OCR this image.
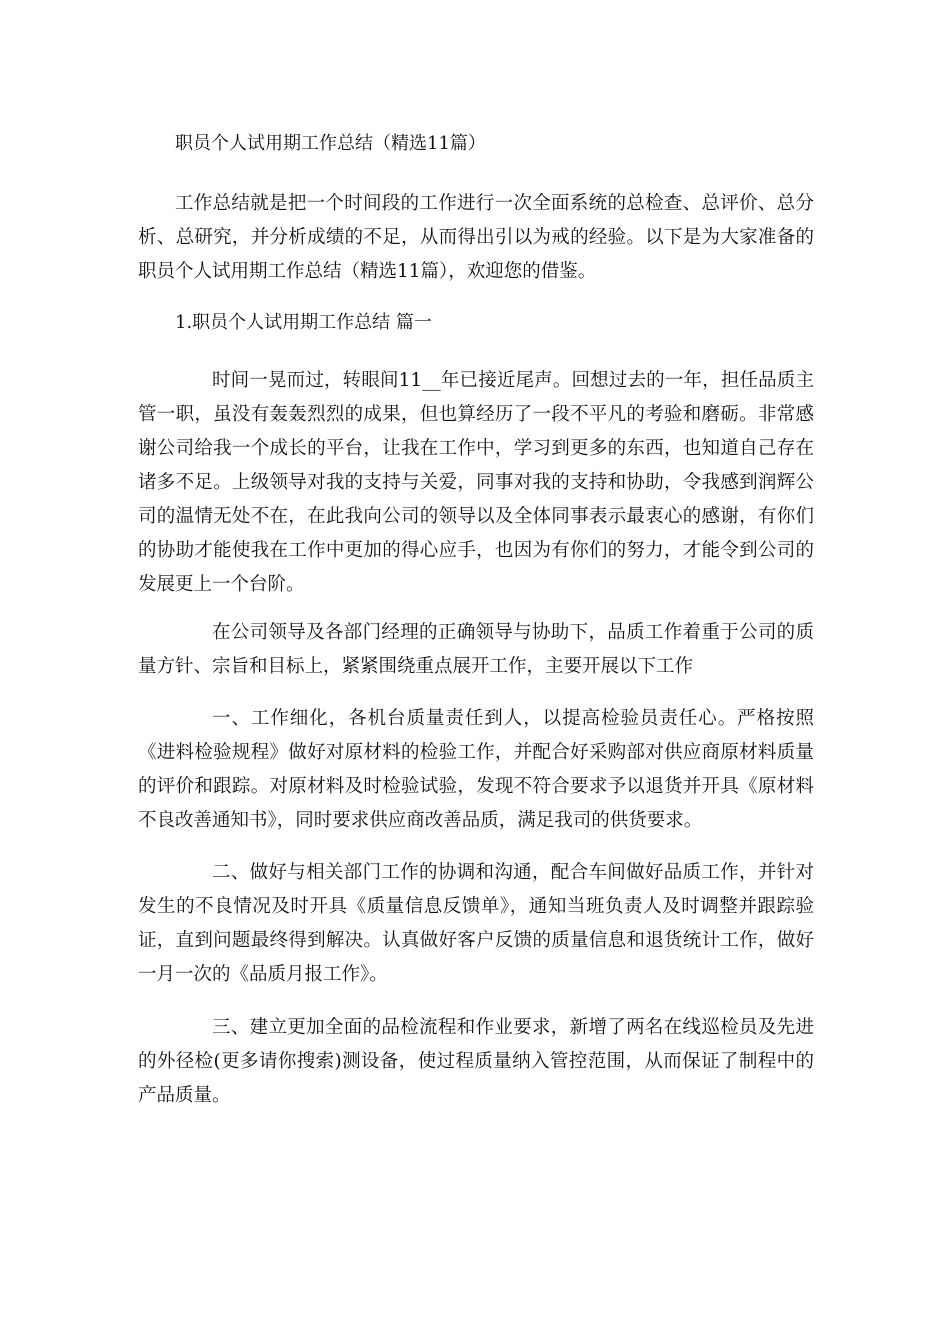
职员个人试用期工作总结（精选11篇）

工作总结就是把一个时间段的工作进行一次全面系统的总检查、总评价、总分析、总研究，并分析成绩的不足，从而得出引以为戒的经验。以下是为大家准备的职员个人试用期工作总结（精选11篇），欢迎您的借鉴。

1.职员个人试用期工作总结 篇一

时间一晃而过，转眼间11__年已接近尾声。回想过去的一年，担任品质主管一职，虽没有轰轰烈烈的成果，但也算经历了一段不平凡的考验和磨砺。非常感谢公司给我一个成长的平台，让我在工作中，学习到更多的东西，也知道自己存在诸多不足。上级领导对我的支持与关爱，同事对我的支持和协助，令我感到润辉公司的温情无处不在，在此我向公司的领导以及全体同事表示最衷心的感谢，有你们的协助才能使我在工作中更加的得心应手，也因为有你们的努力，才能令到公司的发展更上一个台阶。

在公司领导及各部门经理的正确领导与协助下，品质工作着重于公司的质量方针、宗旨和目标上，紧紧围绕重点展开工作，主要开展以下工作

一、工作细化，各机台质量责任到人，以提高检验员责任心。严格按照《进料检验规程》做好对原材料的检验工作，并配合好采购部对供应商原材料质量的评价和跟踪。对原材料及时检验试验，发现不符合要求予以退货并开具《原材料不良改善通知书》，同时要求供应商改善品质，满足我司的供货要求。

二、做好与相关部门工作的协调和沟通，配合车间做好品质工作，并针对发生的不良情况及时开具《质量信息反馈单》，通知当班负责人及时调整并跟踪验证，直到问题最终得到解决。认真做好客户反馈的质量信息和退货统计工作，做好一月一次的《品质月报工作》。

三、建立更加全面的品检流程和作业要求，新增了两名在线巡检员及先进的外径检(更多请你搜索)测设备，使过程质量纳入管控范围，从而保证了制程中的产品质量。
